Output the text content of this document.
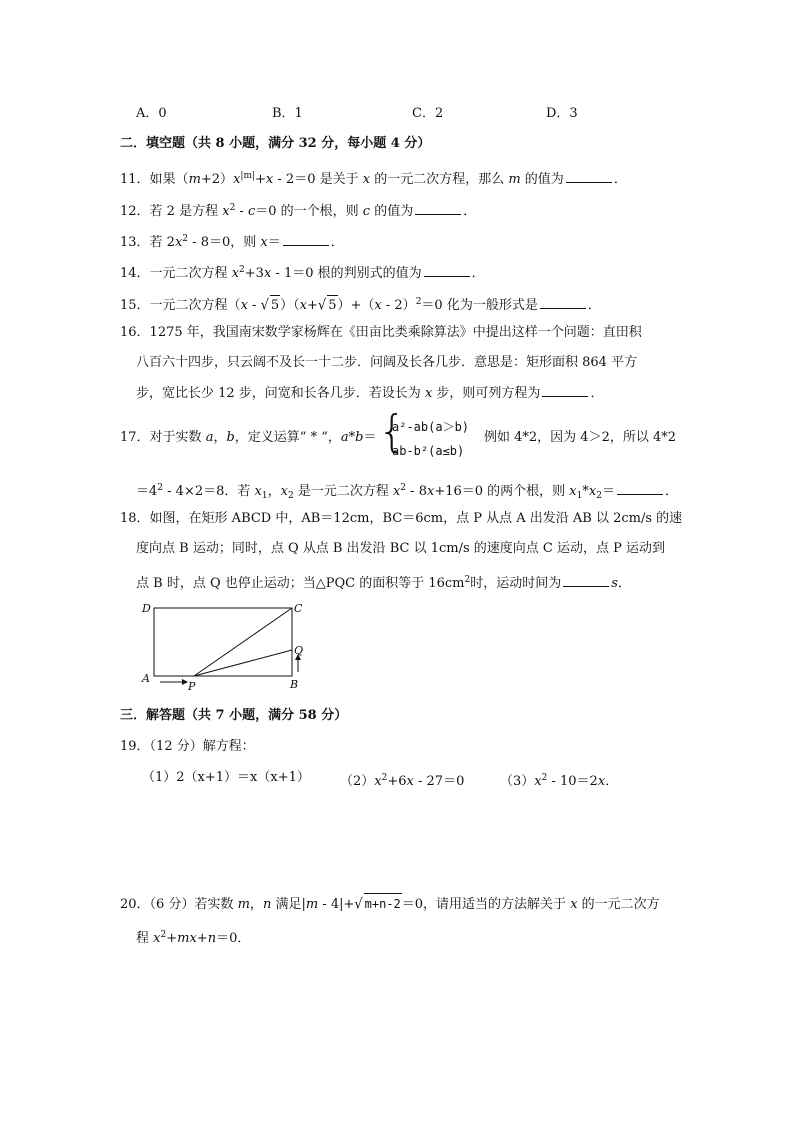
A．0	B．1	C．2	D．3
二．填空题（共 8 小题，满分 32 分，每小题 4 分）
11．如果$(m+2)x^{|m|}+x - 2=0$ 是关于 x 的一元二次方程，那么 m 的值为	．
12．若 2 是方程 $x^2 - c=0$ 的一个根，则 c 的值为	．
13．若 $2x^2 - 8=0$，则 x＝	．
14．一元二次方程 $x^2+3x - 1=0$ 根的判别式的值为	．
15．一元二次方程（x - √ 5）（x+√ 5）+（x - 2）$^2$＝0 化为一般形式是	．
16．1275 年，我国南宋数学家杨辉在《田亩比类乘除算法》中提出这样一个问题：直田积
八百六十四步，只云阔不及长一十二步．问阔及长各几步．意思是：矩形面积 864 平方
步，宽比长少 12 步，问宽和长各几步．若设长为 x 步，则可列方程为	．
17．对于实数 a，b，定义运算“ * “，a*b＝ {
a²-ab(a＞b)
ab-b²(a≤b)
例如 4*2，因为 4＞2，所以 4*2
$=4^2 - 4\times 2=8$．若 $x_1$，$x_2$ 是一元二次方程 $x^2 - 8x+16=0$ 的两个根，则 $x_1*x_2=$	．
18．如图，在矩形 ABCD 中，AB＝12cm，BC＝6cm，点 P 从点 A 出发沿 AB 以 2cm/s 的速
度向点 B 运动；同时，点 Q 从点 B 出发沿 BC 以 1cm/s 的速度向点 C 运动，点 P 运动到
点 B 时，点 Q 也停止运动；当△PQC 的面积等于 $16cm^2$时，运动时间为	s．
D	C
A	B
P
Q
三．解答题（共 7 小题，满分 58 分）
19．（12 分）解方程：
（1）2（x+1）＝x（x+1） $(2)x^2+6x - 27=0$	$(3)x^2 - 10=2x$．
20．（6 分）若实数 m，n 满足|m - 4|+√ m+n-2＝0，请用适当的方法解关于 x 的一元二次方
程 $x^2+mx+n=0$．
